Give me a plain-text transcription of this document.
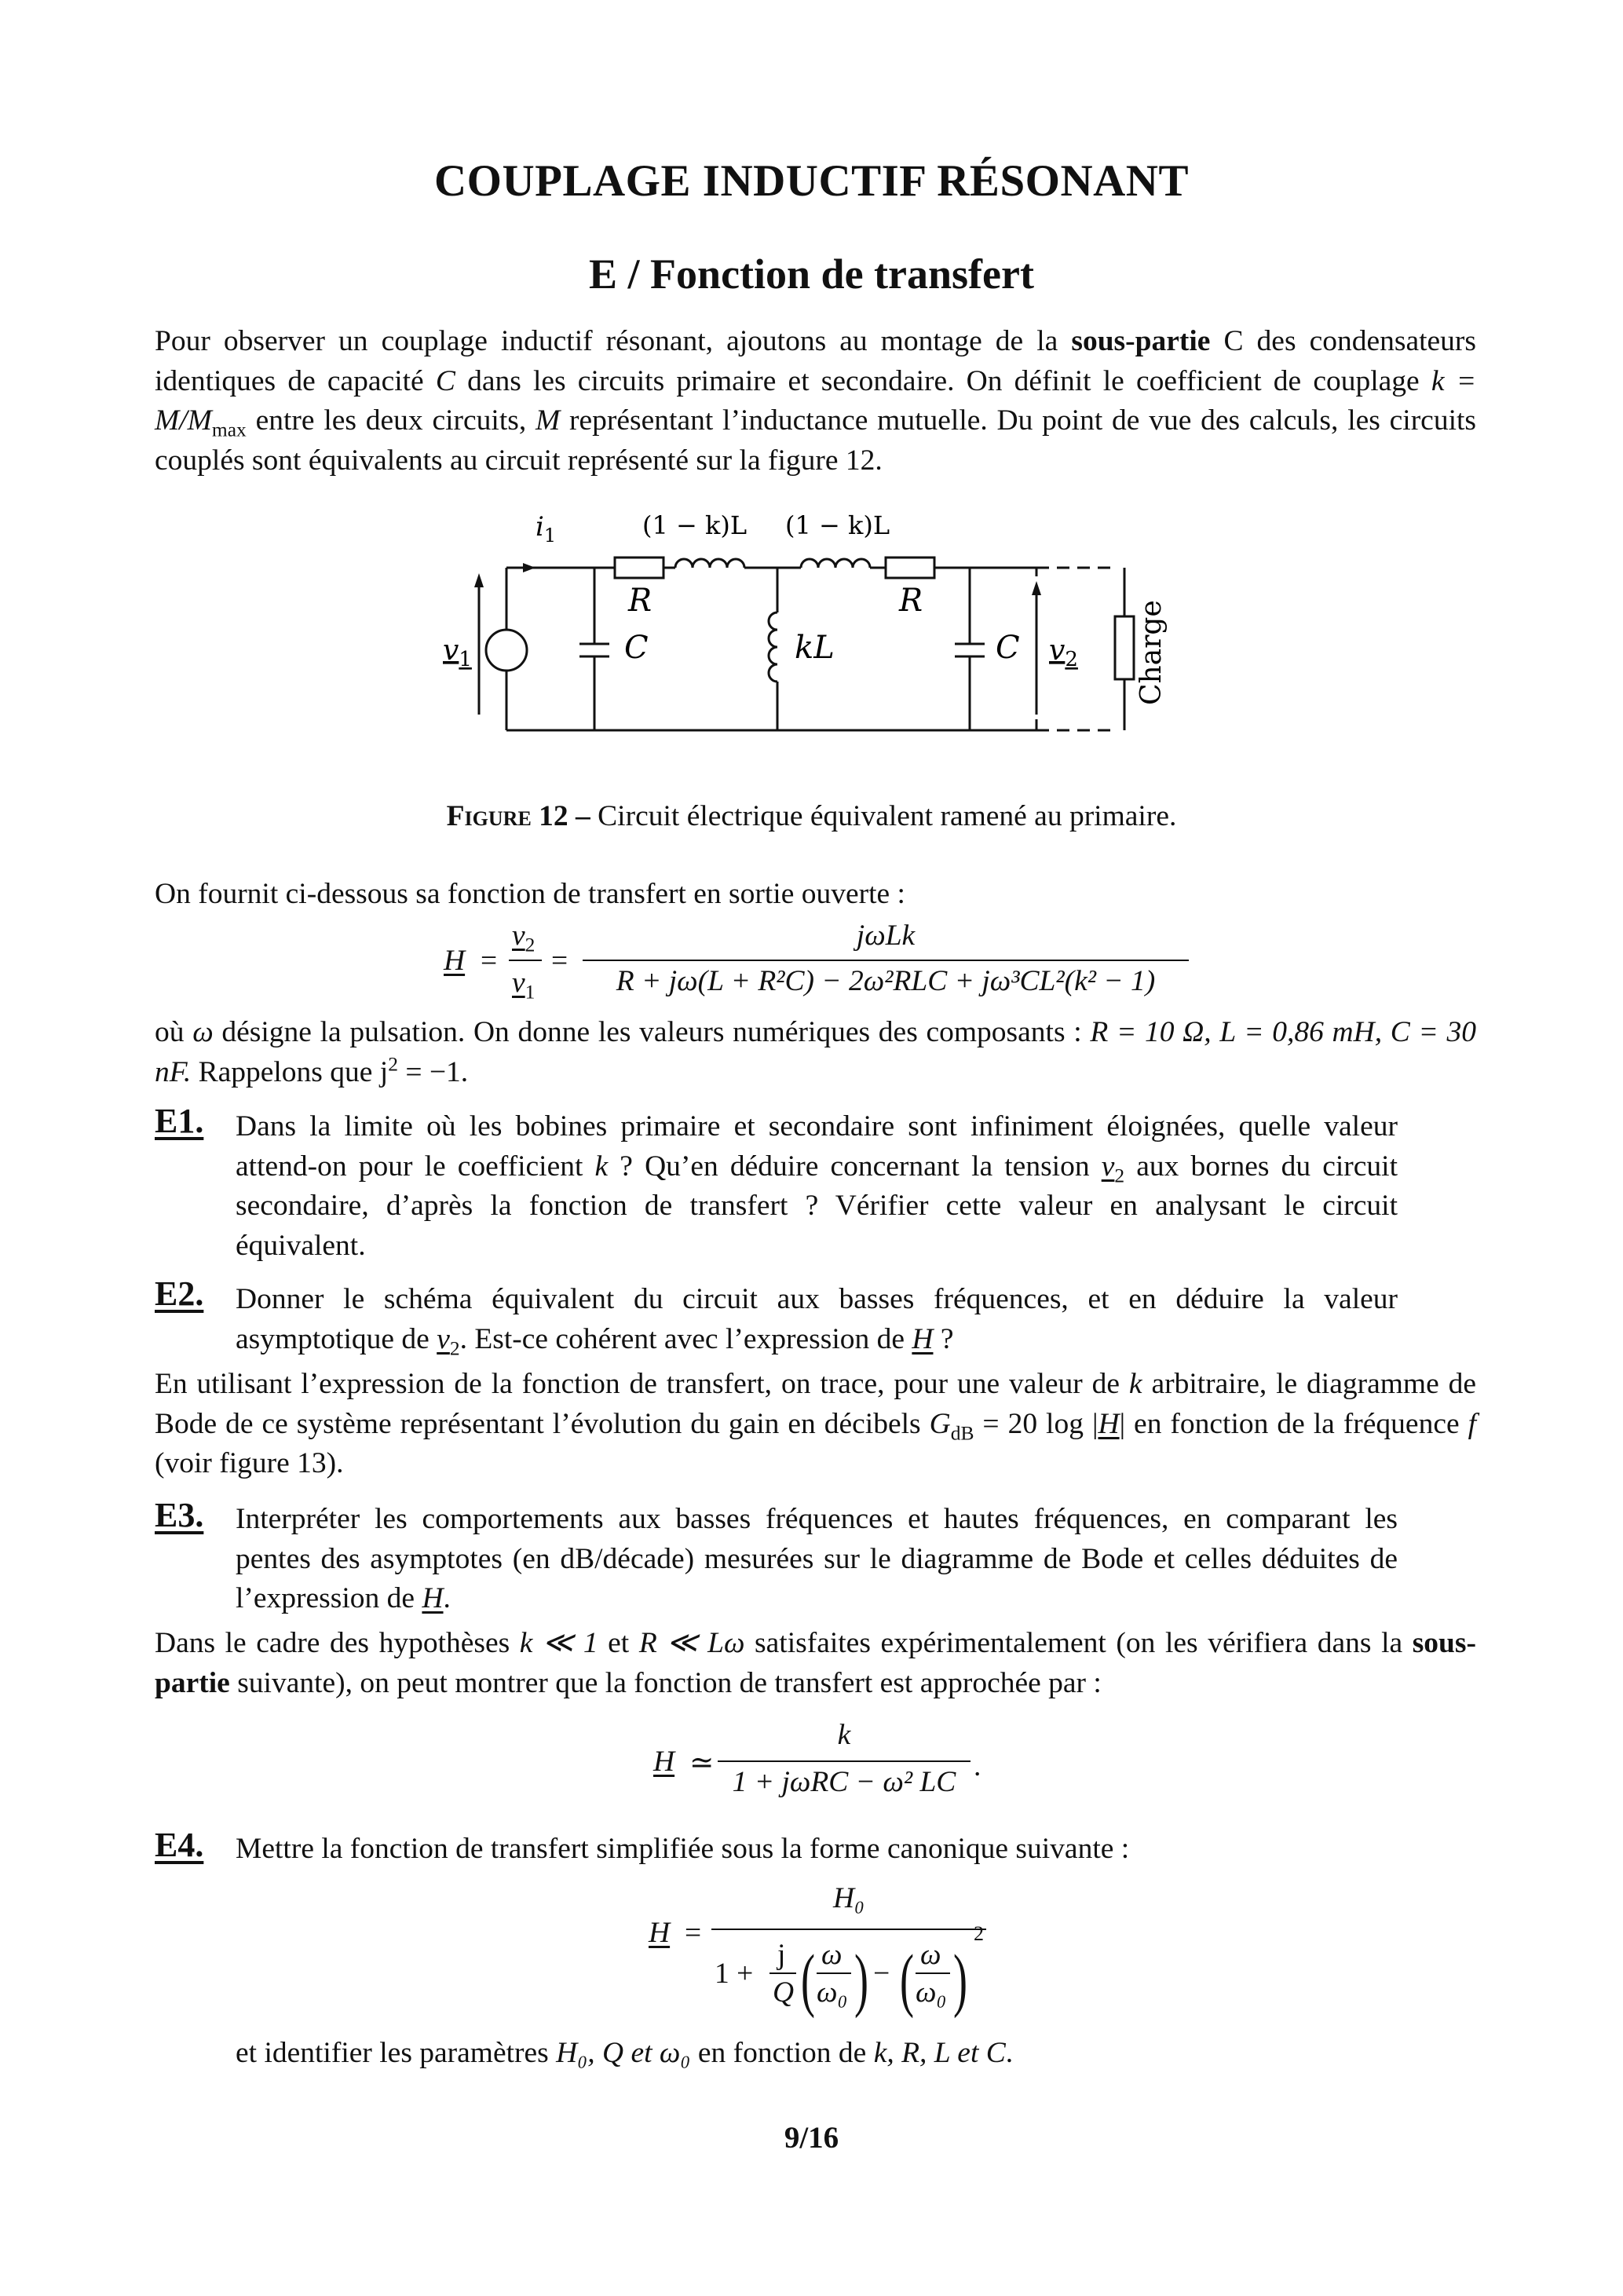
COUPLAGE INDUCTIF RÉSONANT
E / Fonction de transfert
Pour observer un couplage inductif résonant, ajoutons au montage de la sous-partie C des condensateurs identiques de capacité C dans les circuits primaire et secondaire. On définit le coefficient de couplage $k = M/M_{max}$ entre les deux circuits, M représentant l’inductance mutuelle. Du point de vue des calculs, les circuits couplés sont équivalents au circuit représenté sur la figure 12.
$i_1$	(1 − k)L (1 − k)L
R	R
C	kL	C
$v_1$	$v_2$ Charge
Figure 12 – Circuit électrique équivalent ramené au primaire.
On fournit ci-dessous sa fonction de transfert en sortie ouverte :
H =
$v_2$
$v_1$
=
jωLk
R + jω(L + R²C) − 2ω²RLC + jω³CL²(k² − 1)
où ω désigne la pulsation. On donne les valeurs numériques des composants : R = 10 Ω, L = 0,86 mH, C = 30 nF. Rappelons que $j^2 = -1$.
E1. Dans la limite où les bobines primaire et secondaire sont infiniment éloignées, quelle valeur attend-on pour le coefficient k ? Qu’en déduire concernant la tension $v_2$ aux bornes du circuit secondaire, d’après la fonction de transfert ? Vérifier cette valeur en analysant le circuit équivalent.
E2. Donner le schéma équivalent du circuit aux basses fréquences, et en déduire la valeur asymptotique de $v_2$. Est-ce cohérent avec l’expression de H ?
En utilisant l’expression de la fonction de transfert, on trace, pour une valeur de k arbitraire, le diagramme de Bode de ce système représentant l’évolution du gain en décibels $G_{dB} = 20$ log |H| en fonction de la fréquence f (voir figure 13).
E3. Interpréter les comportements aux basses fréquences et hautes fréquences, en comparant les pentes des asymptotes (en dB/décade) mesurées sur le diagramme de Bode et celles déduites de l’expression de H.
Dans le cadre des hypothèses k ≪ 1 et R ≪ Lω satisfaites expérimentalement (on les vérifiera dans la sous-partie suivante), on peut montrer que la fonction de transfert est approchée par :
H ≃
k
1 + jωRC − ω² LC .
E4. Mettre la fonction de transfert simplifiée sous la forme canonique suivante :
H =
H₀
1 +
j
Q ( ω
ω₀ ) − ( ω
ω₀ )
2
et identifier les paramètres H₀, Q et ω₀ en fonction de k, R, L et C.
9/16
